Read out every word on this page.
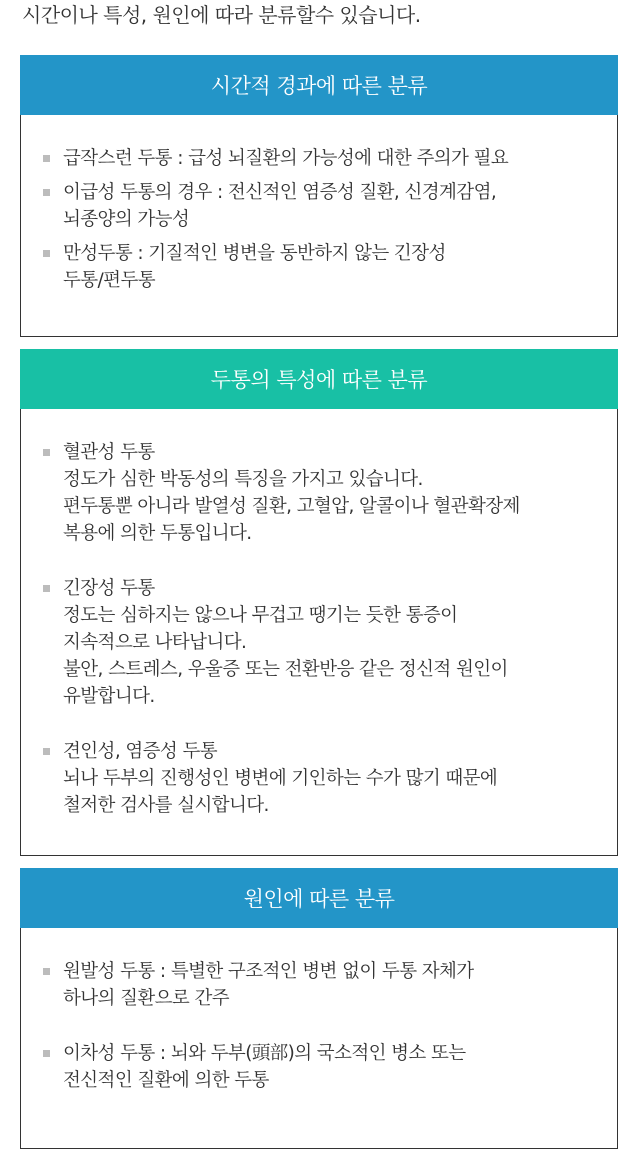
시간이나 특성, 원인에 따라 분류할수 있습니다.
시간적 경과에 따른 분류
급작스런 두통 : 급성 뇌질환의 가능성에 대한 주의가 필요
이급성 두통의 경우 : 전신적인 염증성 질환, 신경계감염,
뇌종양의 가능성
만성두통 : 기질적인 병변을 동반하지 않는 긴장성
두통/편두통
두통의 특성에 따른 분류
혈관성 두통
정도가 심한 박동성의 특징을 가지고 있습니다.
편두통뿐 아니라 발열성 질환, 고혈압, 알콜이나 혈관확장제
복용에 의한 두통입니다.
긴장성 두통
정도는 심하지는 않으나 무겁고 땡기는 듯한 통증이
지속적으로 나타납니다.
불안, 스트레스, 우울증 또는 전환반응 같은 정신적 원인이
유발합니다.
견인성, 염증성 두통
뇌나 두부의 진행성인 병변에 기인하는 수가 많기 때문에
철저한 검사를 실시합니다.
원인에 따른 분류
원발성 두통 : 특별한 구조적인 병변 없이 두통 자체가
하나의 질환으로 간주
이차성 두통 : 뇌와 두부(頭部)의 국소적인 병소 또는
전신적인 질환에 의한 두통
